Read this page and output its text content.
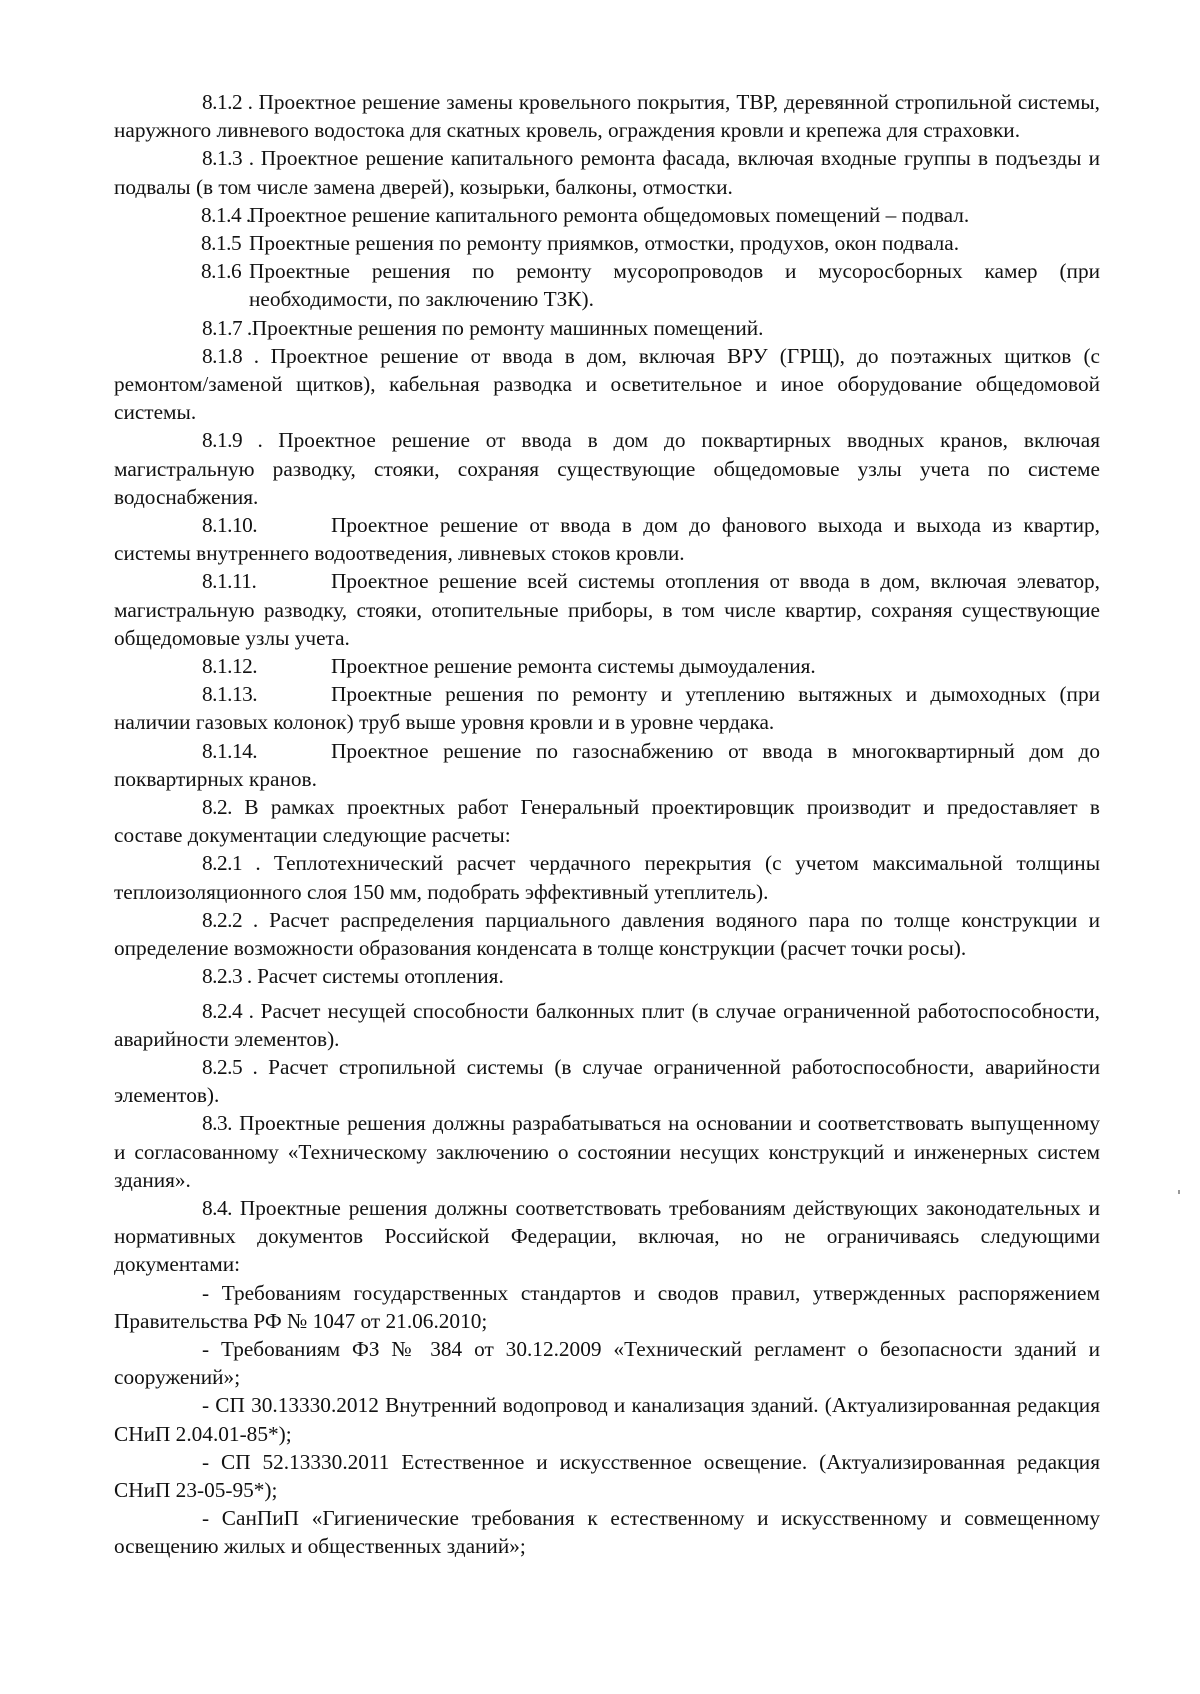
8.1.2 . Проектное решение замены кровельного покрытия, ТВР, деревянной стропильной системы, наружного ливневого водостока для скатных кровель, ограждения кровли и крепежа для страховки.

8.1.3 . Проектное решение капитального ремонта фасада, включая входные группы в подъезды и подвалы (в том числе замена дверей), козырьки, балконы, отмостки.

8.1.4 .
Проектное решение капитального ремонта общедомовых помещений – подвал.

8.1.5 Проектные решения по ремонту приямков, отмостки, продухов, окон подвала.

8.1.6 Проектные решения по ремонту мусоропроводов и мусоросборных камер (при необходимости, по заключению ТЗК).

8.1.7 .Проектные решения по ремонту машинных помещений.

8.1.8 . Проектное решение от ввода в дом, включая ВРУ (ГРЩ), до поэтажных щитков (с ремонтом/заменой щитков), кабельная разводка и осветительное и иное оборудование общедомовой системы.

8.1.9 . Проектное решение от ввода в дом до поквартирных вводных кранов, включая магистральную разводку, стояки, сохраняя существующие общедомовые узлы учета по системе водоснабжения.

8.1.10.	Проектное решение от ввода в дом до фанового выхода и выхода из квартир, системы внутреннего водоотведения, ливневых стоков кровли.

8.1.11.	Проектное решение всей системы отопления от ввода в дом, включая элеватор, магистральную разводку, стояки, отопительные приборы, в том числе квартир, сохраняя существующие общедомовые узлы учета.

8.1.12.	Проектное решение ремонта системы дымоудаления.

8.1.13.	Проектные решения по ремонту и утеплению вытяжных и дымоходных (при наличии газовых колонок) труб выше уровня кровли и в уровне чердака.

8.1.14.	Проектное решение по газоснабжению от ввода в многоквартирный дом до поквартирных кранов.

8.2. В рамках проектных работ Генеральный проектировщик производит и предоставляет в составе документации следующие расчеты:

8.2.1 . Теплотехнический расчет чердачного перекрытия (с учетом максимальной толщины теплоизоляционного слоя 150 мм, подобрать эффективный утеплитель).

8.2.2 . Расчет распределения парциального давления водяного пара по толще конструкции и определение возможности образования конденсата в толще конструкции (расчет точки росы).

8.2.3 . Расчет системы отопления.

8.2.4 . Расчет несущей способности балконных плит (в случае ограниченной работоспособности, аварийности элементов).

8.2.5 . Расчет стропильной системы (в случае ограниченной работоспособности, аварийности элементов).

8.3. Проектные решения должны разрабатываться на основании и соответствовать выпущенному и согласованному «Техническому заключению о состоянии несущих конструкций и инженерных систем здания».

8.4. Проектные решения должны соответствовать требованиям действующих законодательных и нормативных документов Российской Федерации, включая, но не ограничиваясь следующими документами:

- Требованиям государственных стандартов и сводов правил, утвержденных распоряжением Правительства РФ № 1047 от 21.06.2010;

- Требованиям ФЗ № 384 от 30.12.2009 «Технический регламент о безопасности зданий и сооружений»;

- СП 30.13330.2012 Внутренний водопровод и канализация зданий. (Актуализированная редакция СНиП 2.04.01-85*);

- СП 52.13330.2011 Естественное и искусственное освещение. (Актуализированная редакция СНиП 23-05-95*);

- СанПиП «Гигиенические требования к естественному и искусственному и совмещенному освещению жилых и общественных зданий»;
